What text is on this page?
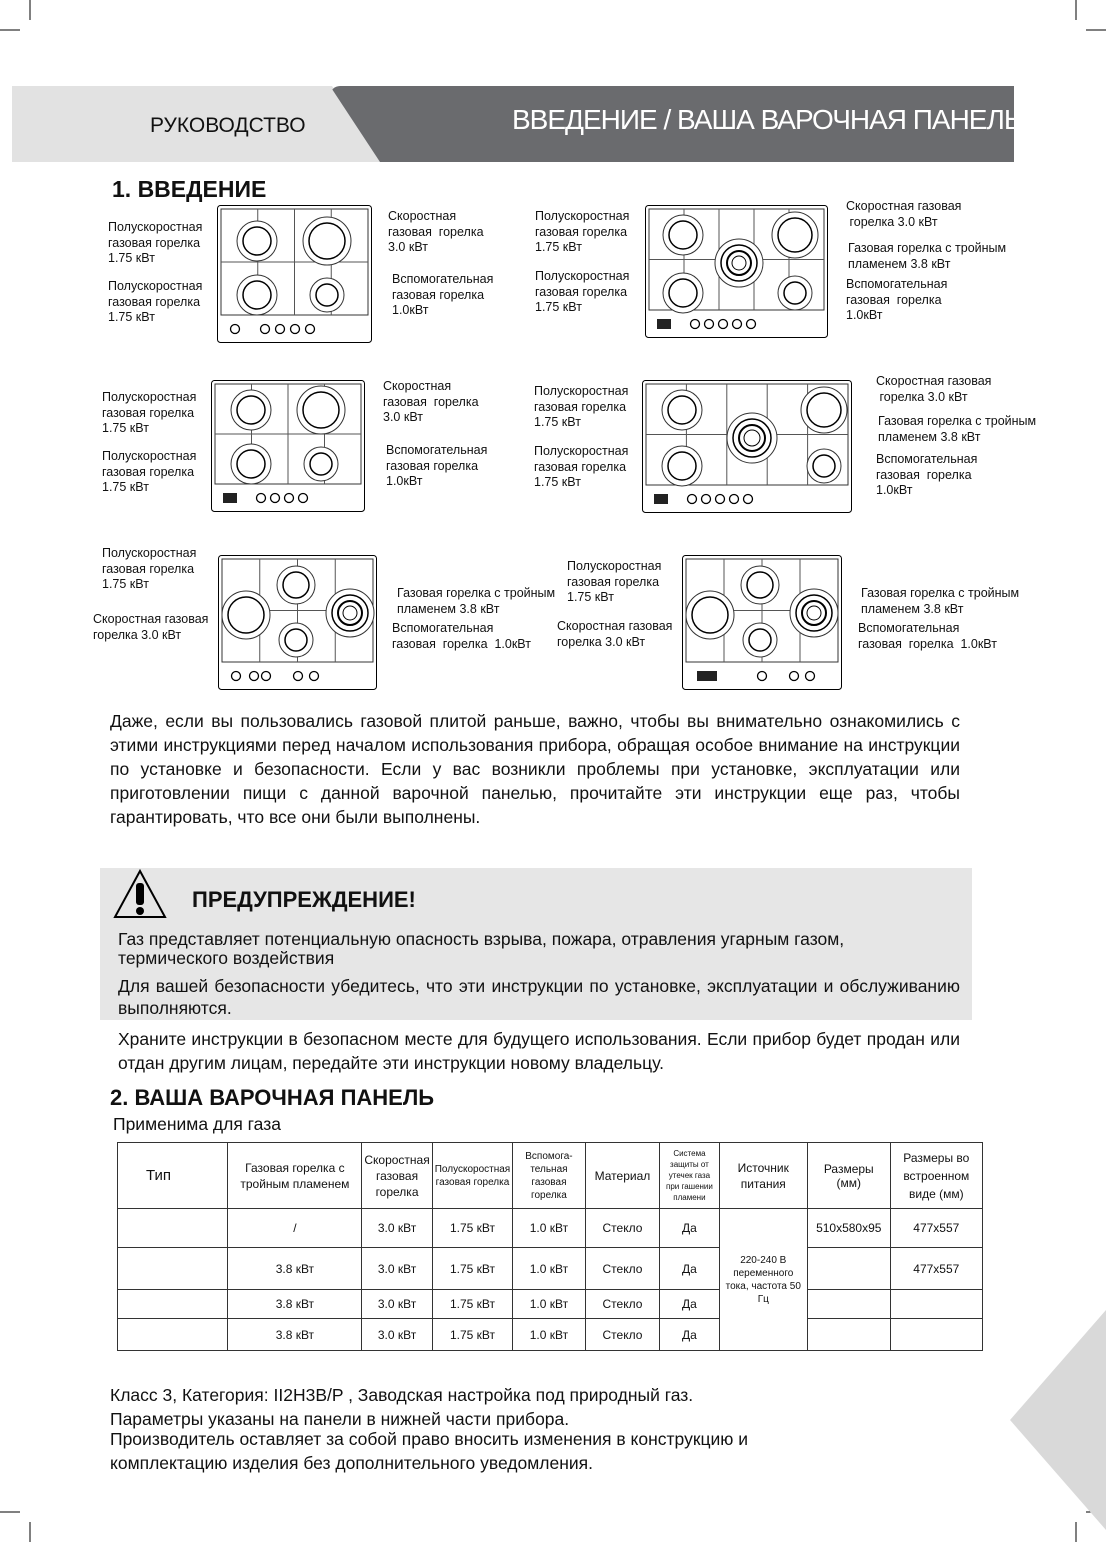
РУКОВОДСТВО	ВВЕДЕНИЕ / ВАША ВАРОЧНАЯ ПАНЕЛЬ
1. ВВЕДЕНИЕ
Полускоростная
газовая горелка
1.75 кВт
Полускоростная
газовая горелка
1.75 кВт
Скоростная
газовая  горелка
3.0 кВт
Вспомогательная
газовая горелка
1.0кВт
Полускоростная
газовая горелка
1.75 кВт
Полускоростная
газовая горелка
1.75 кВт
Скоростная газовая
горелка 3.0 кВт
Газовая горелка с тройным
пламенем 3.8 кВт
Вспомогательная
газовая  горелка
1.0кВт
Полускоростная
газовая горелка
1.75 кВт
Полускоростная
газовая горелка
1.75 кВт
Скоростная
газовая  горелка
3.0 кВт
Вспомогательная
газовая горелка
1.0кВт
Полускоростная
газовая горелка
1.75 кВт
Полускоростная
газовая горелка
1.75 кВт
Скоростная газовая
горелка 3.0 кВт
Газовая горелка с тройным
пламенем 3.8 кВт
Вспомогательная
газовая  горелка
1.0кВт
Полускоростная
газовая горелка
1.75 кВт
Скоростная газовая
горелка 3.0 кВт
Газовая горелка с тройным
пламенем 3.8 кВт
Вспомогательная
газовая  горелка  1.0кВт
Полускоростная
газовая горелка
1.75 кВт
Скоростная газовая
горелка 3.0 кВт
Газовая горелка с тройным
пламенем 3.8 кВт
Вспомогательная
газовая  горелка  1.0кВт

Даже, если вы пользовались газовой плитой раньше, важно, чтобы вы внимательно ознакомились с этими инструкциями перед началом использования прибора, обращая особое внимание на инструкции по установке и безопасности. Если у вас возникли проблемы при установке, эксплуатации или приготовлении пищи с данной варочной панелью, прочитайте эти инструкции еще раз, чтобы гарантировать, что все они были выполнены.

ПРЕДУПРЕЖДЕНИЕ!
Газ представляет потенциальную опасность взрыва, пожара, отравления угарным газом, термического воздействия
Для вашей безопасности убедитесь, что эти инструкции по установке, эксплуатации и обслуживанию выполняются.

Храните инструкции в безопасном месте для будущего использования. Если прибор будет продан или отдан другим лицам, передайте эти инструкции новому владельцу.

2. ВАША ВАРОЧНАЯ ПАНЕЛЬ
Применима для газа
Тип	Газовая горелка с тройным пламенем	Скоростная газовая горелка	Полускоростная газовая горелка	Вспомога-тельная газовая горелка	Материал	Система защиты от утечек газа при гашении пламени	Источник питания	Размеры (мм)	Размеры во встроенном виде (мм)
	/	3.0 кВт	1.75 кВт	1.0 кВт	Стекло	Да	220-240 В переменного тока, частота 50 Гц	510x580x95	477x557
	3.8 кВт	3.0 кВт	1.75 кВт	1.0 кВт	Стекло	Да			477x557
	3.8 кВт	3.0 кВт	1.75 кВт	1.0 кВт	Стекло	Да			
	3.8 кВт	3.0 кВт	1.75 кВт	1.0 кВт	Стекло	Да			
Класс 3, Категория: II2H3B/P , Заводская настройка под природный газ.
Параметры указаны на панели в нижней части прибора.
Производитель оставляет за собой право вносить изменения в конструкцию и
комплектацию изделия без дополнительного уведомления.
